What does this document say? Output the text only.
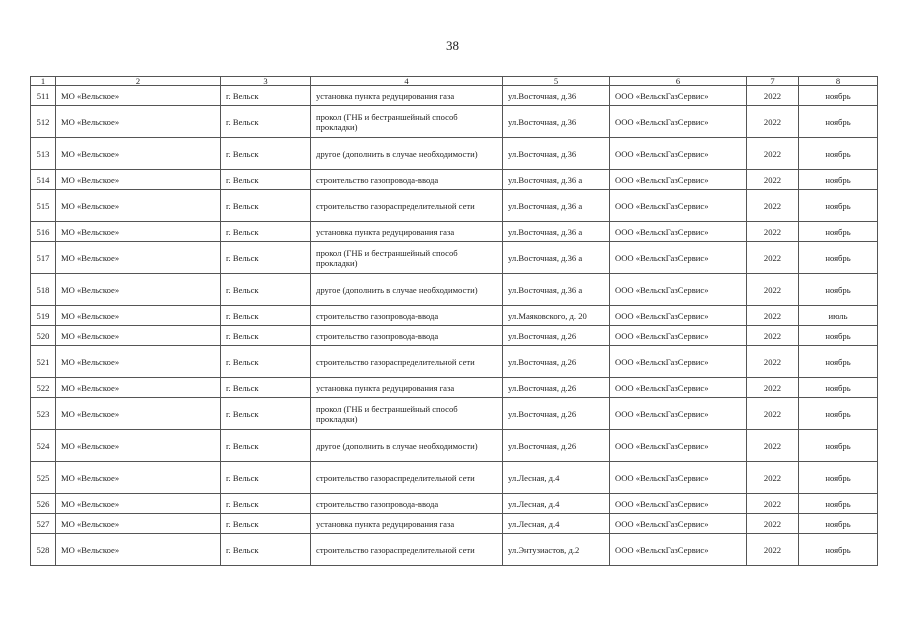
38
1	2	3	4	5	6	7	8
511	МО «Вельское»	г. Вельск	установка пункта редуцирования газа	ул.Восточная, д.36	ООО «ВельскГазСервис»	2022	ноябрь
512	МО «Вельское»	г. Вельск	прокол (ГНБ и бестраншейный способ прокладки)	ул.Восточная, д.36	ООО «ВельскГазСервис»	2022	ноябрь
513	МО «Вельское»	г. Вельск	другое (дополнить в случае необходимости)	ул.Восточная, д.36	ООО «ВельскГазСервис»	2022	ноябрь
514	МО «Вельское»	г. Вельск	строительство газопровода-ввода	ул.Восточная, д.36 а	ООО «ВельскГазСервис»	2022	ноябрь
515	МО «Вельское»	г. Вельск	строительство газораспределительной сети	ул.Восточная, д.36 а	ООО «ВельскГазСервис»	2022	ноябрь
516	МО «Вельское»	г. Вельск	установка пункта редуцирования газа	ул.Восточная, д.36 а	ООО «ВельскГазСервис»	2022	ноябрь
517	МО «Вельское»	г. Вельск	прокол (ГНБ и бестраншейный способ прокладки)	ул.Восточная, д.36 а	ООО «ВельскГазСервис»	2022	ноябрь
518	МО «Вельское»	г. Вельск	другое (дополнить в случае необходимости)	ул.Восточная, д.36 а	ООО «ВельскГазСервис»	2022	ноябрь
519	МО «Вельское»	г. Вельск	строительство газопровода-ввода	ул.Маяковского, д. 20	ООО «ВельскГазСервис»	2022	июль
520	МО «Вельское»	г. Вельск	строительство газопровода-ввода	ул.Восточная, д.26	ООО «ВельскГазСервис»	2022	ноябрь
521	МО «Вельское»	г. Вельск	строительство газораспределительной сети	ул.Восточная, д.26	ООО «ВельскГазСервис»	2022	ноябрь
522	МО «Вельское»	г. Вельск	установка пункта редуцирования газа	ул.Восточная, д.26	ООО «ВельскГазСервис»	2022	ноябрь
523	МО «Вельское»	г. Вельск	прокол (ГНБ и бестраншейный способ прокладки)	ул.Восточная, д.26	ООО «ВельскГазСервис»	2022	ноябрь
524	МО «Вельское»	г. Вельск	другое (дополнить в случае необходимости)	ул.Восточная, д.26	ООО «ВельскГазСервис»	2022	ноябрь
525	МО «Вельское»	г. Вельск	строительство газораспределительной сети	ул.Лесная, д.4	ООО «ВельскГазСервис»	2022	ноябрь
526	МО «Вельское»	г. Вельск	строительство газопровода-ввода	ул.Лесная, д.4	ООО «ВельскГазСервис»	2022	ноябрь
527	МО «Вельское»	г. Вельск	установка пункта редуцирования газа	ул.Лесная, д.4	ООО «ВельскГазСервис»	2022	ноябрь
528	МО «Вельское»	г. Вельск	строительство газораспределительной сети	ул.Энтузиастов, д.2	ООО «ВельскГазСервис»	2022	ноябрь
